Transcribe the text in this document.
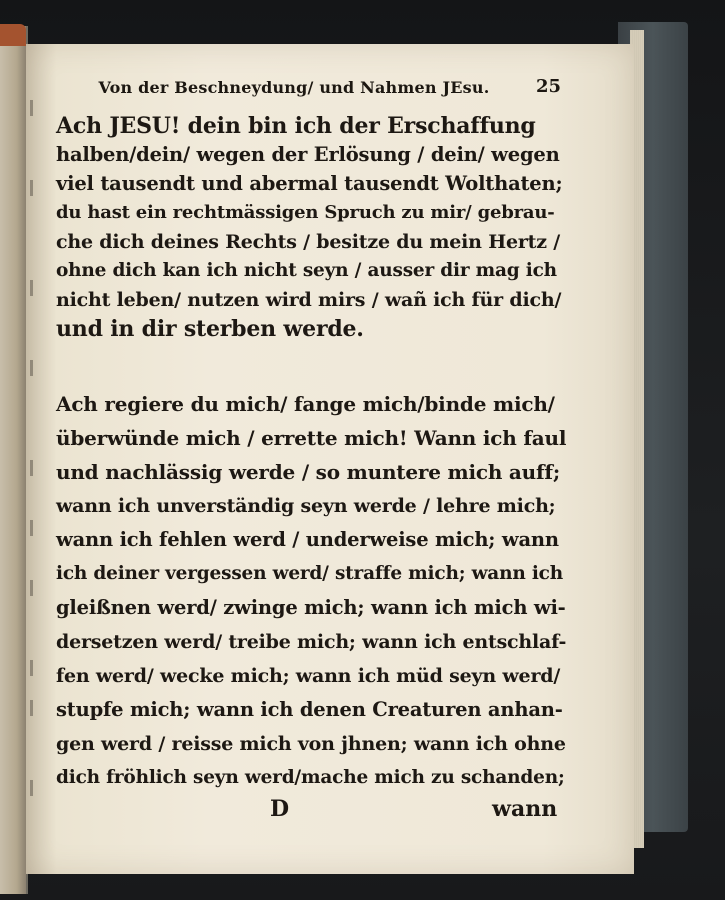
Von der Beschneydung/ und Nahmen JEsu.	25
Ach JESU! dein bin ich der Erschaffung
halben/dein/ wegen der Erlösung / dein/ wegen
viel tausendt und abermal tausendt Wolthaten;
du hast ein rechtmässigen Spruch zu mir/ gebrau-
che dich deines Rechts / besitze du mein Hertz /
ohne dich kan ich nicht seyn / ausser dir mag ich
nicht leben/ nutzen wird mirs / wañ ich für dich/
und in dir sterben werde.
Ach regiere du mich/ fange mich/binde mich/
überwünde mich / errette mich! Wann ich faul
und nachlässig werde / so muntere mich auff;
wann ich unverständig seyn werde / lehre mich;
wann ich fehlen werd / underweise mich; wann
ich deiner vergessen werd/ straffe mich; wann ich
gleißnen werd/ zwinge mich; wann ich mich wi-
dersetzen werd/ treibe mich; wann ich entschlaf-
fen werd/ wecke mich; wann ich müd seyn werd/
stupfe mich; wann ich denen Creaturen anhan-
gen werd / reisse mich von jhnen; wann ich ohne
dich fröhlich seyn werd/mache mich zu schanden;
D	wann
